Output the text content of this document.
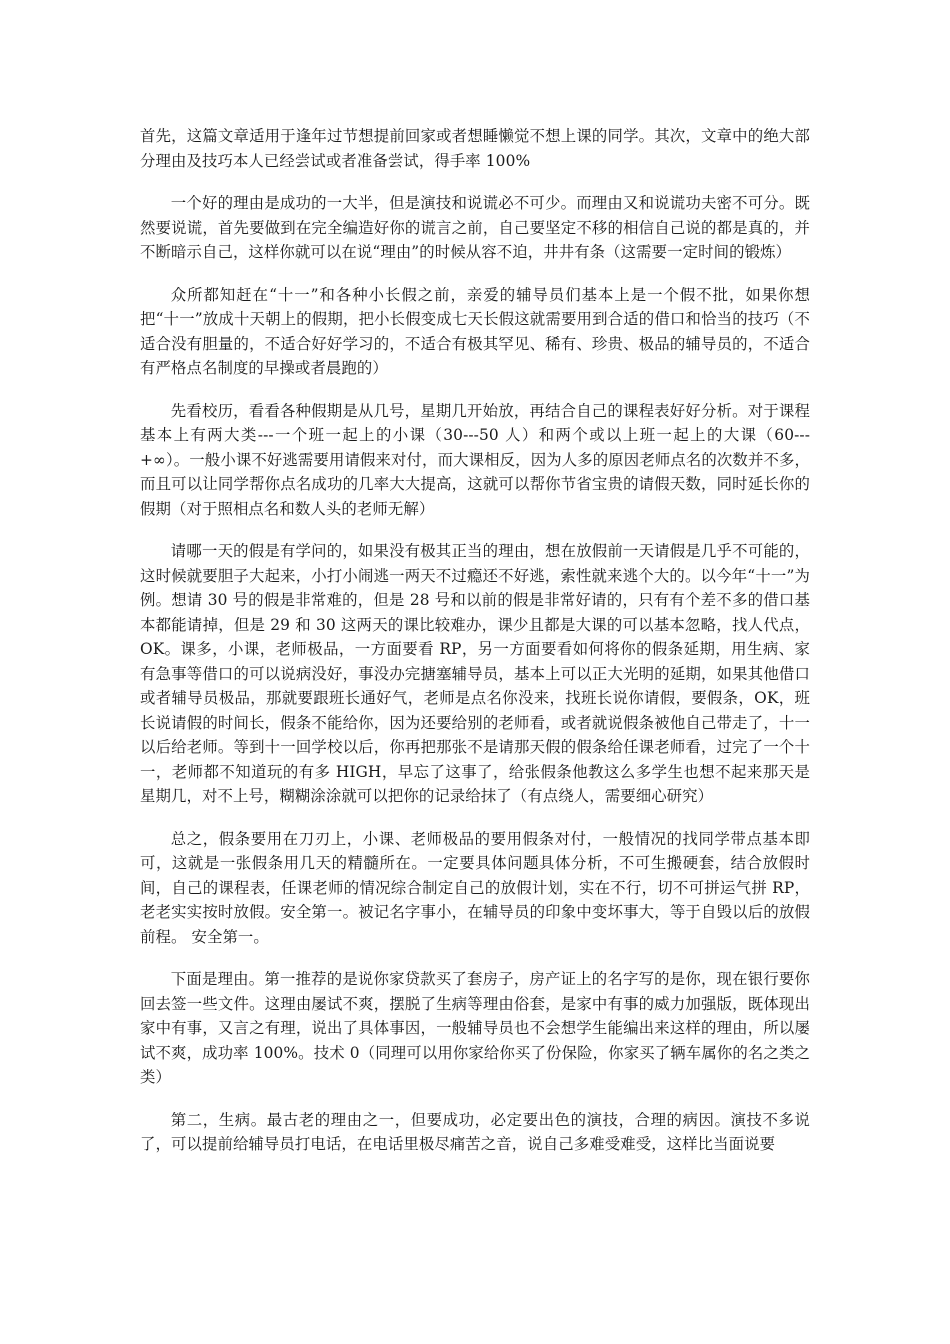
首先，这篇文章适用于逢年过节想提前回家或者想睡懒觉不想上课的同学。其次，文章中的绝大部分理由及技巧本人已经尝试或者准备尝试，得手率 100%

一个好的理由是成功的一大半，但是演技和说谎必不可少。而理由又和说谎功夫密不可分。既然要说谎，首先要做到在完全编造好你的谎言之前，自己要坚定不移的相信自己说的都是真的，并不断暗示自己，这样你就可以在说“理由”的时候从容不迫，井井有条（这需要一定时间的锻炼）

众所都知赶在“十一”和各种小长假之前，亲爱的辅导员们基本上是一个假不批，如果你想把“十一”放成十天朝上的假期，把小长假变成七天长假这就需要用到合适的借口和恰当的技巧（不适合没有胆量的，不适合好好学习的，不适合有极其罕见、稀有、珍贵、极品的辅导员的，不适合有严格点名制度的早操或者晨跑的）

先看校历，看看各种假期是从几号，星期几开始放，再结合自己的课程表好好分析。对于课程基本上有两大类---一个班一起上的小课（30---50 人）和两个或以上班一起上的大课（60---+∞）。一般小课不好逃需要用请假来对付，而大课相反，因为人多的原因老师点名的次数并不多，而且可以让同学帮你点名成功的几率大大提高，这就可以帮你节省宝贵的请假天数，同时延长你的假期（对于照相点名和数人头的老师无解）

请哪一天的假是有学问的，如果没有极其正当的理由，想在放假前一天请假是几乎不可能的，这时候就要胆子大起来，小打小闹逃一两天不过瘾还不好逃，索性就来逃个大的。以今年“十一”为例。想请 30 号的假是非常难的，但是 28 号和以前的假是非常好请的，只有有个差不多的借口基本都能请掉，但是 29 和 30 这两天的课比较难办，课少且都是大课的可以基本忽略，找人代点，OK。课多，小课，老师极品，一方面要看 RP，另一方面要看如何将你的假条延期，用生病、家有急事等借口的可以说病没好，事没办完搪塞辅导员，基本上可以正大光明的延期，如果其他借口或者辅导员极品，那就要跟班长通好气，老师是点名你没来，找班长说你请假，要假条，OK，班长说请假的时间长，假条不能给你，因为还要给别的老师看，或者就说假条被他自己带走了，十一以后给老师。等到十一回学校以后，你再把那张不是请那天假的假条给任课老师看，过完了一个十一，老师都不知道玩的有多 HIGH，早忘了这事了，给张假条他教这么多学生也想不起来那天是星期几，对不上号，糊糊涂涂就可以把你的记录给抹了（有点绕人，需要细心研究）

总之，假条要用在刀刃上，小课、老师极品的要用假条对付，一般情况的找同学带点基本即可，这就是一张假条用几天的精髓所在。一定要具体问题具体分析，不可生搬硬套，结合放假时间，自己的课程表，任课老师的情况综合制定自己的放假计划，实在不行，切不可拼运气拼 RP，老老实实按时放假。安全第一。被记名字事小，在辅导员的印象中变坏事大，等于自毁以后的放假前程。 安全第一。

下面是理由。第一推荐的是说你家贷款买了套房子，房产证上的名字写的是你，现在银行要你回去签一些文件。这理由屡试不爽，摆脱了生病等理由俗套，是家中有事的威力加强版，既体现出家中有事，又言之有理，说出了具体事因，一般辅导员也不会想学生能编出来这样的理由，所以屡试不爽，成功率 100%。技术 0（同理可以用你家给你买了份保险，你家买了辆车属你的名之类之类）

第二，生病。最古老的理由之一，但要成功，必定要出色的演技，合理的病因。演技不多说了，可以提前给辅导员打电话，在电话里极尽痛苦之音，说自己多难受难受，这样比当面说要
